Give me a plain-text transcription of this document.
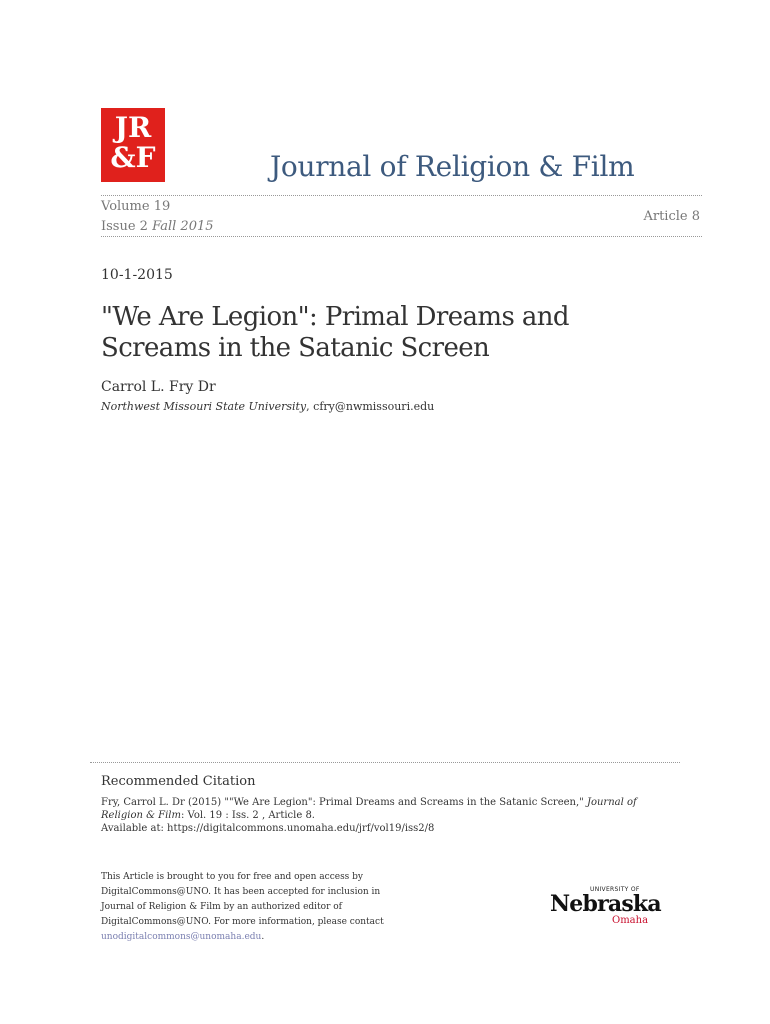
JR
&F	Journal of Religion & Film
Volume 19
Issue 2 Fall 2015
Article 8
10-1-2015
"We Are Legion": Primal Dreams and Screams in the Satanic Screen
Carrol L. Fry Dr
Northwest Missouri State University, cfry@nwmissouri.edu
Recommended Citation
Fry, Carrol L. Dr (2015) ""We Are Legion": Primal Dreams and Screams in the Satanic Screen," Journal of Religion & Film: Vol. 19 : Iss. 2 , Article 8.
Available at: https://digitalcommons.unomaha.edu/jrf/vol19/iss2/8
This Article is brought to you for free and open access by DigitalCommons@UNO. It has been accepted for inclusion in Journal of Religion & Film by an authorized editor of DigitalCommons@UNO. For more information, please contact unodigitalcommons@unomaha.edu.
UNIVERSITY OF
Nebraska
Omaha
